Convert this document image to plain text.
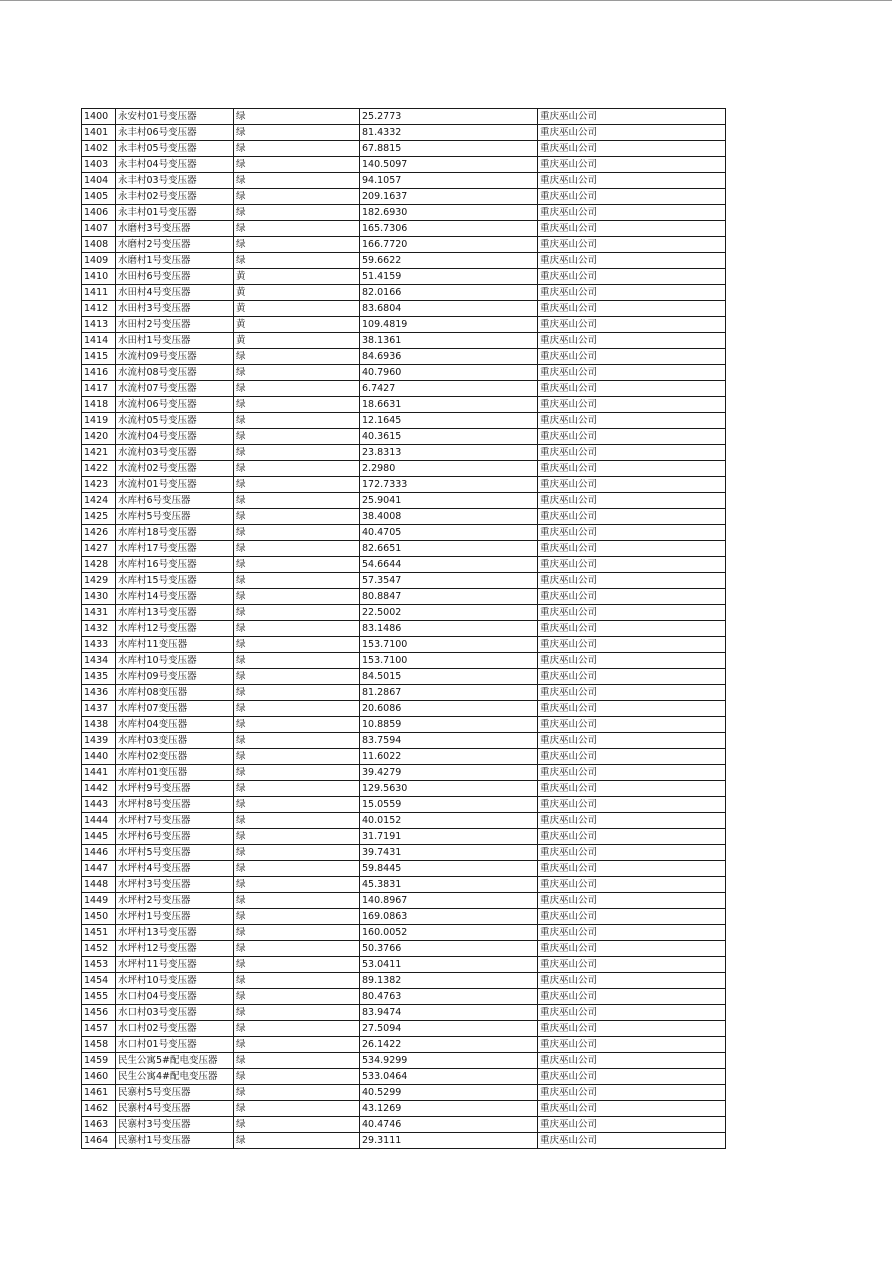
1400	永安村01号变压器	绿	25.2773	重庆巫山公司
1401	永丰村06号变压器	绿	81.4332	重庆巫山公司
1402	永丰村05号变压器	绿	67.8815	重庆巫山公司
1403	永丰村04号变压器	绿	140.5097	重庆巫山公司
1404	永丰村03号变压器	绿	94.1057	重庆巫山公司
1405	永丰村02号变压器	绿	209.1637	重庆巫山公司
1406	永丰村01号变压器	绿	182.6930	重庆巫山公司
1407	水磨村3号变压器	绿	165.7306	重庆巫山公司
1408	水磨村2号变压器	绿	166.7720	重庆巫山公司
1409	水磨村1号变压器	绿	59.6622	重庆巫山公司
1410	水田村6号变压器	黄	51.4159	重庆巫山公司
1411	水田村4号变压器	黄	82.0166	重庆巫山公司
1412	水田村3号变压器	黄	83.6804	重庆巫山公司
1413	水田村2号变压器	黄	109.4819	重庆巫山公司
1414	水田村1号变压器	黄	38.1361	重庆巫山公司
1415	水流村09号变压器	绿	84.6936	重庆巫山公司
1416	水流村08号变压器	绿	40.7960	重庆巫山公司
1417	水流村07号变压器	绿	6.7427	重庆巫山公司
1418	水流村06号变压器	绿	18.6631	重庆巫山公司
1419	水流村05号变压器	绿	12.1645	重庆巫山公司
1420	水流村04号变压器	绿	40.3615	重庆巫山公司
1421	水流村03号变压器	绿	23.8313	重庆巫山公司
1422	水流村02号变压器	绿	2.2980	重庆巫山公司
1423	水流村01号变压器	绿	172.7333	重庆巫山公司
1424	水库村6号变压器	绿	25.9041	重庆巫山公司
1425	水库村5号变压器	绿	38.4008	重庆巫山公司
1426	水库村18号变压器	绿	40.4705	重庆巫山公司
1427	水库村17号变压器	绿	82.6651	重庆巫山公司
1428	水库村16号变压器	绿	54.6644	重庆巫山公司
1429	水库村15号变压器	绿	57.3547	重庆巫山公司
1430	水库村14号变压器	绿	80.8847	重庆巫山公司
1431	水库村13号变压器	绿	22.5002	重庆巫山公司
1432	水库村12号变压器	绿	83.1486	重庆巫山公司
1433	水库村11变压器	绿	153.7100	重庆巫山公司
1434	水库村10号变压器	绿	153.7100	重庆巫山公司
1435	水库村09号变压器	绿	84.5015	重庆巫山公司
1436	水库村08变压器	绿	81.2867	重庆巫山公司
1437	水库村07变压器	绿	20.6086	重庆巫山公司
1438	水库村04变压器	绿	10.8859	重庆巫山公司
1439	水库村03变压器	绿	83.7594	重庆巫山公司
1440	水库村02变压器	绿	11.6022	重庆巫山公司
1441	水库村01变压器	绿	39.4279	重庆巫山公司
1442	水坪村9号变压器	绿	129.5630	重庆巫山公司
1443	水坪村8号变压器	绿	15.0559	重庆巫山公司
1444	水坪村7号变压器	绿	40.0152	重庆巫山公司
1445	水坪村6号变压器	绿	31.7191	重庆巫山公司
1446	水坪村5号变压器	绿	39.7431	重庆巫山公司
1447	水坪村4号变压器	绿	59.8445	重庆巫山公司
1448	水坪村3号变压器	绿	45.3831	重庆巫山公司
1449	水坪村2号变压器	绿	140.8967	重庆巫山公司
1450	水坪村1号变压器	绿	169.0863	重庆巫山公司
1451	水坪村13号变压器	绿	160.0052	重庆巫山公司
1452	水坪村12号变压器	绿	50.3766	重庆巫山公司
1453	水坪村11号变压器	绿	53.0411	重庆巫山公司
1454	水坪村10号变压器	绿	89.1382	重庆巫山公司
1455	水口村04号变压器	绿	80.4763	重庆巫山公司
1456	水口村03号变压器	绿	83.9474	重庆巫山公司
1457	水口村02号变压器	绿	27.5094	重庆巫山公司
1458	水口村01号变压器	绿	26.1422	重庆巫山公司
1459	民生公寓5#配电变压器	绿	534.9299	重庆巫山公司
1460	民生公寓4#配电变压器	绿	533.0464	重庆巫山公司
1461	民寨村5号变压器	绿	40.5299	重庆巫山公司
1462	民寨村4号变压器	绿	43.1269	重庆巫山公司
1463	民寨村3号变压器	绿	40.4746	重庆巫山公司
1464	民寨村1号变压器	绿	29.3111	重庆巫山公司
